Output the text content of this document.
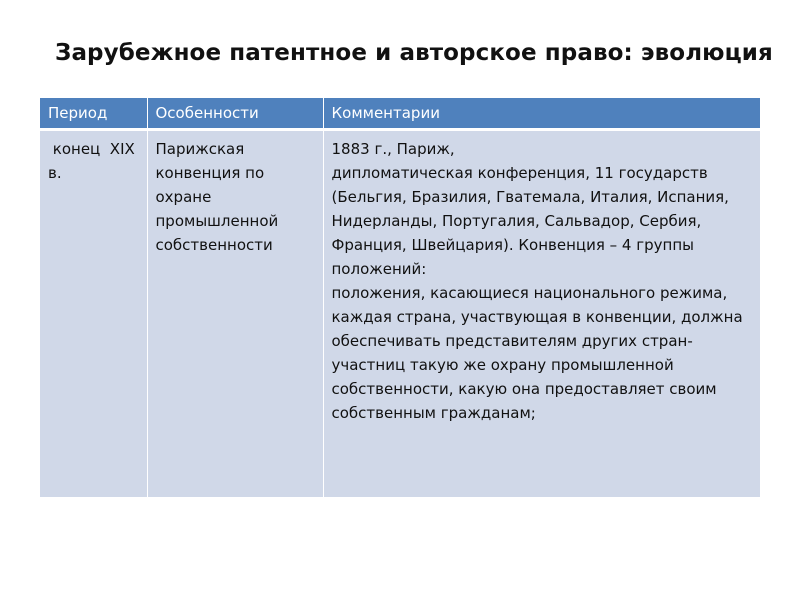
Зарубежное патентное и авторское право: эволюция
Период	Особенности	Комментарии
конец  XIX в.	Парижская конвенция по охране промышленной собственности	1883 г., Париж,
дипломатическая конференция, 11 государств (Бельгия, Бразилия, Гватемала, Италия, Испания, Нидерланды, Португалия, Сальвадор, Сербия, Франция, Швейцария). Конвенция – 4 группы положений:
положения, касающиеся национального режима, каждая страна, участвующая в конвенции, должна обеспечивать представителям других стран-участниц такую же охрану промышленной собственности, какую она предоставляет своим собственным гражданам;
